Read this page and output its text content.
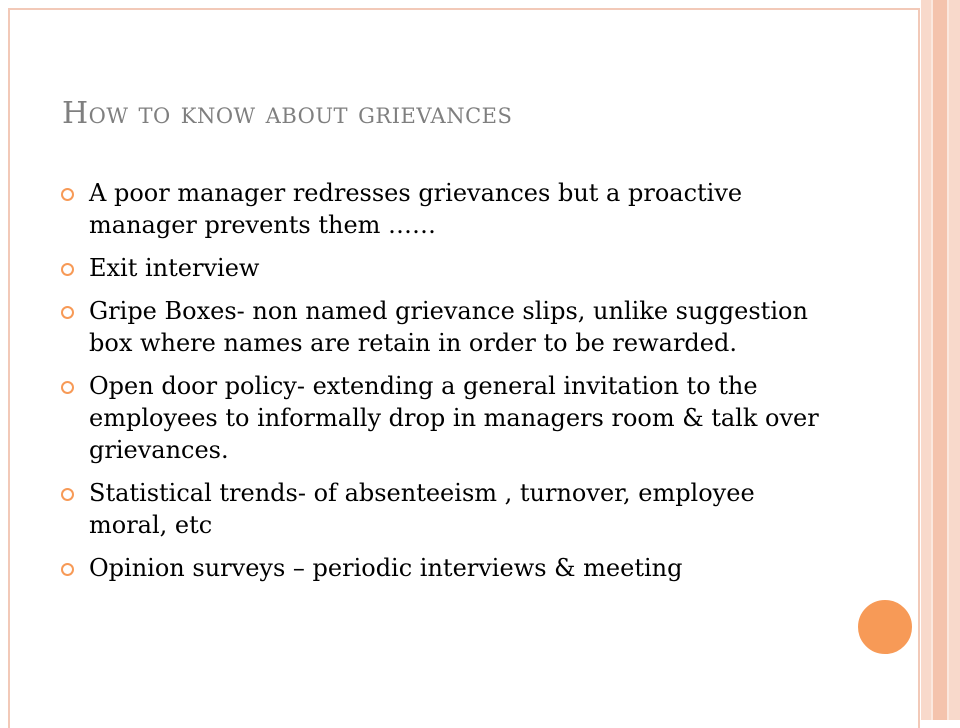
How to know about grievances
A poor manager redresses grievances but a proactive manager prevents them ……
Exit interview
Gripe Boxes- non named grievance slips, unlike suggestion box where names are retain in order to be rewarded.
Open door policy- extending a general invitation to the employees to informally drop in managers room & talk over grievances.
Statistical trends- of absenteeism , turnover, employee moral, etc
Opinion surveys – periodic interviews & meeting
